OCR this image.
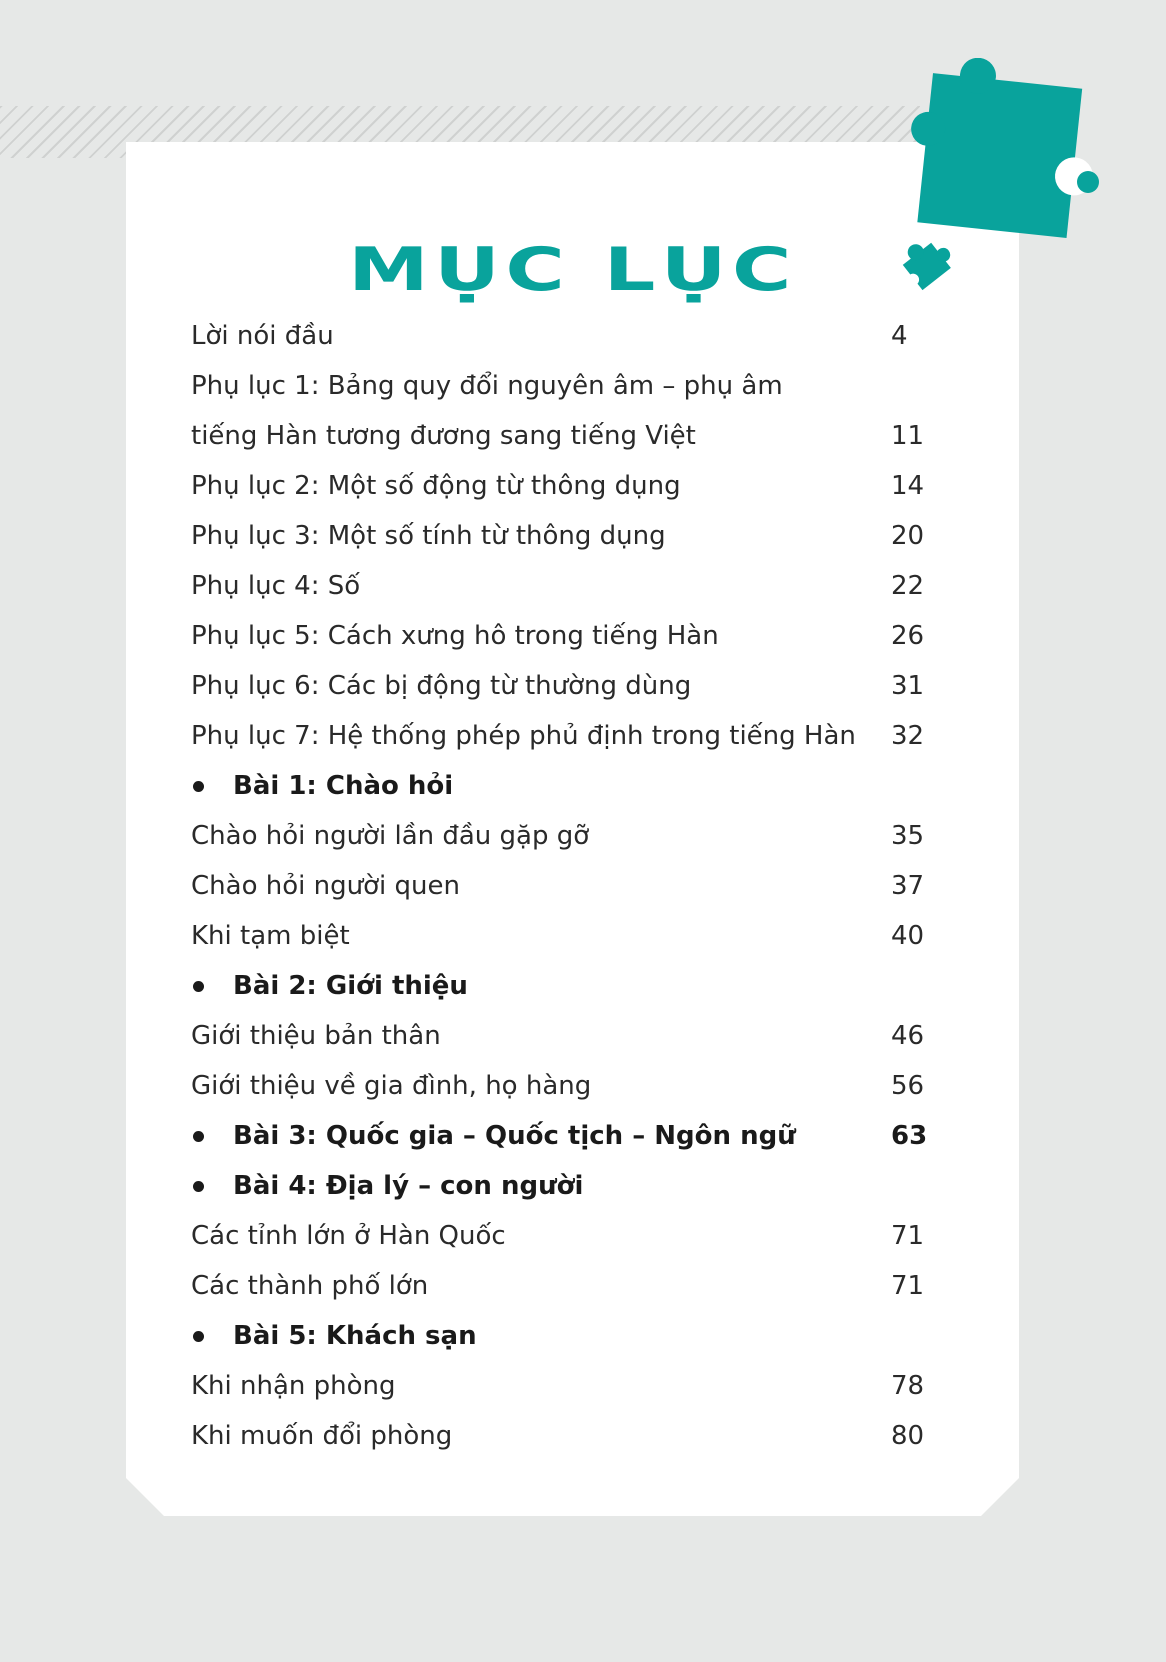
MỤC LỤC
Lời nói đầu	4
Phụ lục 1: Bảng quy đổi nguyên âm – phụ âm
tiếng Hàn tương đương sang tiếng Việt	11
Phụ lục 2: Một số động từ thông dụng	14
Phụ lục 3: Một số tính từ thông dụng	20
Phụ lục 4: Số	22
Phụ lục 5: Cách xưng hô trong tiếng Hàn	26
Phụ lục 6: Các bị động từ thường dùng	31
Phụ lục 7: Hệ thống phép phủ định trong tiếng Hàn 32
Bài 1: Chào hỏi
Chào hỏi người lần đầu gặp gỡ	35
Chào hỏi người quen	37
Khi tạm biệt	40
Bài 2: Giới thiệu
Giới thiệu bản thân	46
Giới thiệu về gia đình, họ hàng	56
Bài 3: Quốc gia – Quốc tịch – Ngôn ngữ	63
Bài 4: Địa lý – con người
Các tỉnh lớn ở Hàn Quốc	71
Các thành phố lớn	71
Bài 5: Khách sạn
Khi nhận phòng	78
Khi muốn đổi phòng	80
